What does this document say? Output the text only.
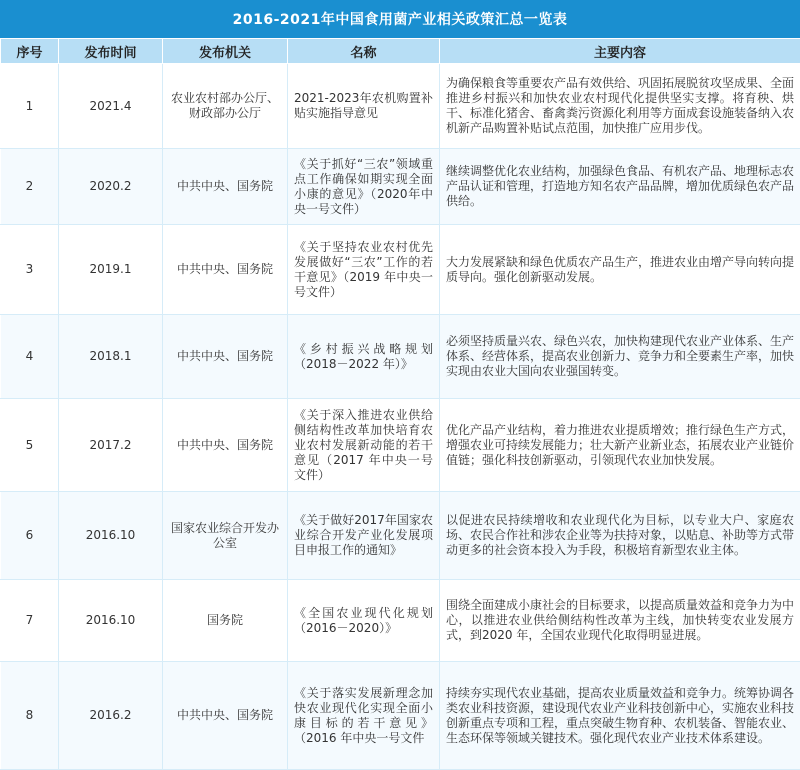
2016-2021年中国食用菌产业相关政策汇总一览表
序号	发布时间	发布机关	名称	主要内容
1	2021.4	农业农村部办公厅、财政部办公厅	2021-2023年农机购置补贴实施指导意见	为确保粮食等重要农产品有效供给、巩固拓展脱贫攻坚成果、全面推进乡村振兴和加快农业农村现代化提供坚实支撑。将育秧、烘干、标准化猪舍、畜禽粪污资源化利用等方面成套设施装备纳入农机新产品购置补贴试点范围，加快推广应用步伐。
2	2020.2	中共中央、国务院	《关于抓好“三农”领域重点工作确保如期实现全面小康的意见》（2020年中央一号文件）	继续调整优化农业结构，加强绿色食品、有机农产品、地理标志农产品认证和管理，打造地方知名农产品品牌，增加优质绿色农产品供给。
3	2019.1	中共中央、国务院	《关于坚持农业农村优先发展做好“三农”工作的若干意见》（2019 年中央一号文件）	大力发展紧缺和绿色优质农产品生产，推进农业由增产导向转向提质导向。强化创新驱动发展。
4	2018.1	中共中央、国务院	《乡村振兴战略规划（2018－2022 年）》	必须坚持质量兴农、绿色兴农，加快构建现代农业产业体系、生产体系、经营体系，提高农业创新力、竞争力和全要素生产率，加快实现由农业大国向农业强国转变。
5	2017.2	中共中央、国务院	《关于深入推进农业供给侧结构性改革加快培育农业农村发展新动能的若干意见（2017 年中央一号文件）	优化产品产业结构，着力推进农业提质增效；推行绿色生产方式，增强农业可持续发展能力；壮大新产业新业态，拓展农业产业链价值链；强化科技创新驱动，引领现代农业加快发展。
6	2016.10	国家农业综合开发办公室	《关于做好2017年国家农业综合开发产业化发展项目申报工作的通知》	以促进农民持续增收和农业现代化为目标，以专业大户、家庭农场、农民合作社和涉农企业等为扶持对象，以贴息、补助等方式带动更多的社会资本投入为手段，积极培育新型农业主体。
7	2016.10	国务院	《全国农业现代化规划（2016－2020）》	围绕全面建成小康社会的目标要求，以提高质量效益和竞争力为中心，以推进农业供给侧结构性改革为主线，加快转变农业发展方式，到2020 年，全国农业现代化取得明显进展。
8	2016.2	中共中央、国务院	《关于落实发展新理念加快农业现代化实现全面小康目标的若干意见》（2016 年中央一号文件	持续夯实现代农业基础，提高农业质量效益和竞争力。统筹协调各类农业科技资源，建设现代农业产业科技创新中心，实施农业科技创新重点专项和工程，重点突破生物育种、农机装备、智能农业、生态环保等领域关键技术。强化现代农业产业技术体系建设。
